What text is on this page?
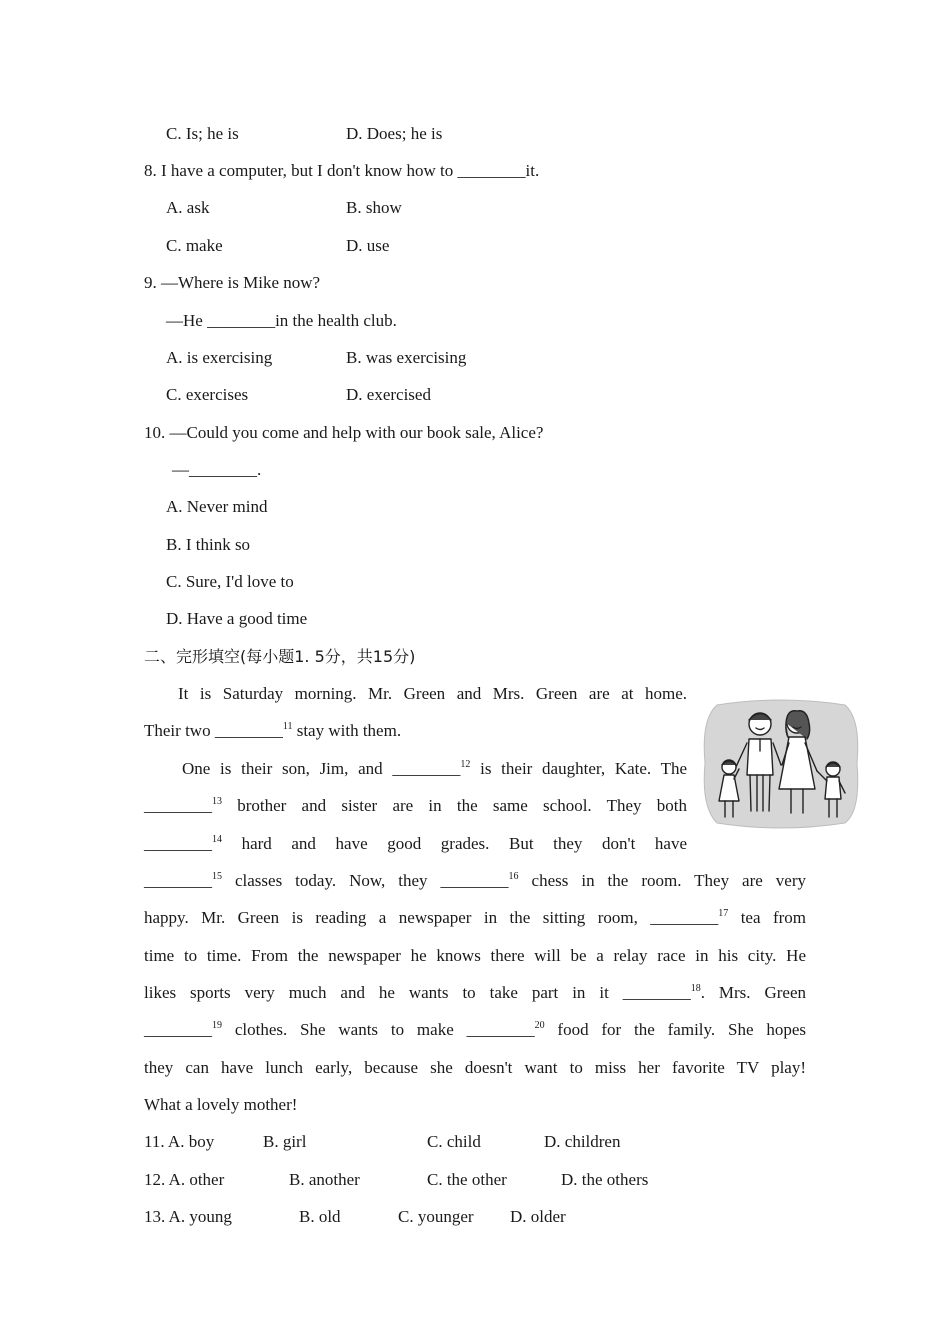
C. Is; he is	D. Does; he is
8. I have a computer, but I don't know how to ________it.
A. ask	B. show
C. make	D. use
9. —Where is Mike now?
—He ________in the health club.
A. is exercising	B. was exercising
C. exercises	D. exercised
10. —Could you come and help with our book sale, Alice?
—________.
A. Never mind
B. I think so
C. Sure, I'd love to
D. Have a good time
二、完形填空(每小题1. 5分，共15分)
It is Saturday morning. Mr. Green and Mrs. Green are at home.
Their two ________$^{11}$ stay with them.
One is their son, Jim, and ________$^{12}$ is their daughter, Kate. The
________$^{13}$ brother and sister are in the same school. They both
________$^{14}$ hard and have good grades. But they don't have
________$^{15}$ classes today. Now, they ________$^{16}$ chess in the room. They are very
happy. Mr. Green is reading a newspaper in the sitting room, ________$^{17}$ tea from
time to time. From the newspaper he knows there will be a relay race in his city. He
likes sports very much and he wants to take part in it ________$^{18}$. Mrs. Green
________$^{19}$ clothes. She wants to make ________$^{20}$ food for the family. She hopes
they can have lunch early, because she doesn't want to miss her favorite TV play!
What a lovely mother!
11. A. boy	B. girl	C. child	D. children
12. A. other	B. another	C. the other	D. the others
13. A. young	B. old	C. younger D. older
